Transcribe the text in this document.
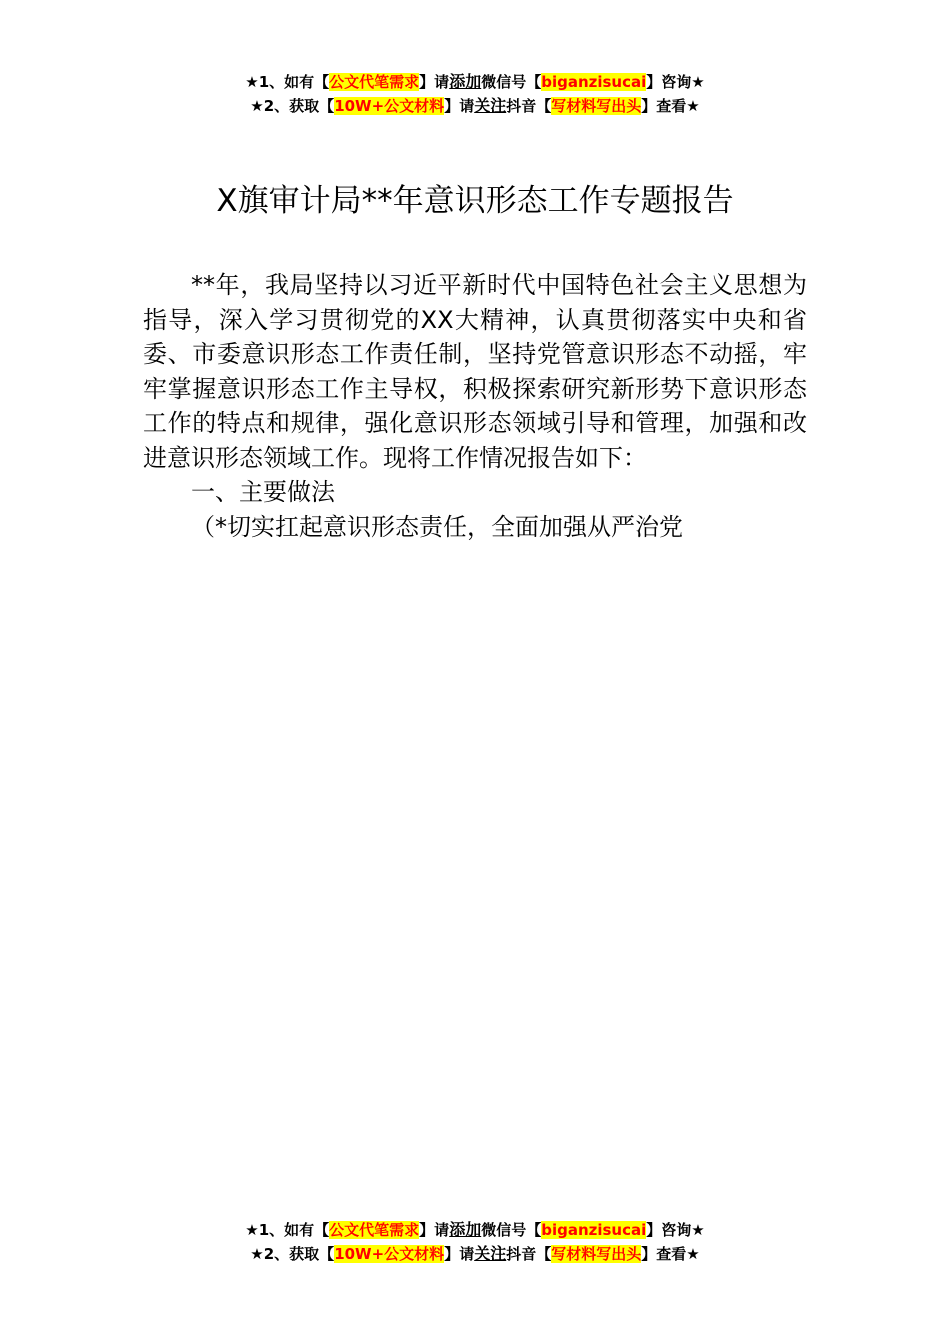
★1、如有【公文代笔需求】请添加微信号【biganzisucai】咨询★
★2、获取【10W+公文材料】请关注抖音【写材料写出头】查看★
X旗审计局**年意识形态工作专题报告

**年，我局坚持以习近平新时代中国特色社会主义思想为指导，深入学习贯彻党的XX大精神，认真贯彻落实中央和省委、市委意识形态工作责任制，坚持党管意识形态不动摇，牢牢掌握意识形态工作主导权，积极探索研究新形势下意识形态工作的特点和规律，强化意识形态领域引导和管理，加强和改进意识形态领域工作。现将工作情况报告如下：

一、主要做法

（*切实扛起意识形态责任，全面加强从严治党

★1、如有【公文代笔需求】请添加微信号【biganzisucai】咨询★
★2、获取【10W+公文材料】请关注抖音【写材料写出头】查看★
